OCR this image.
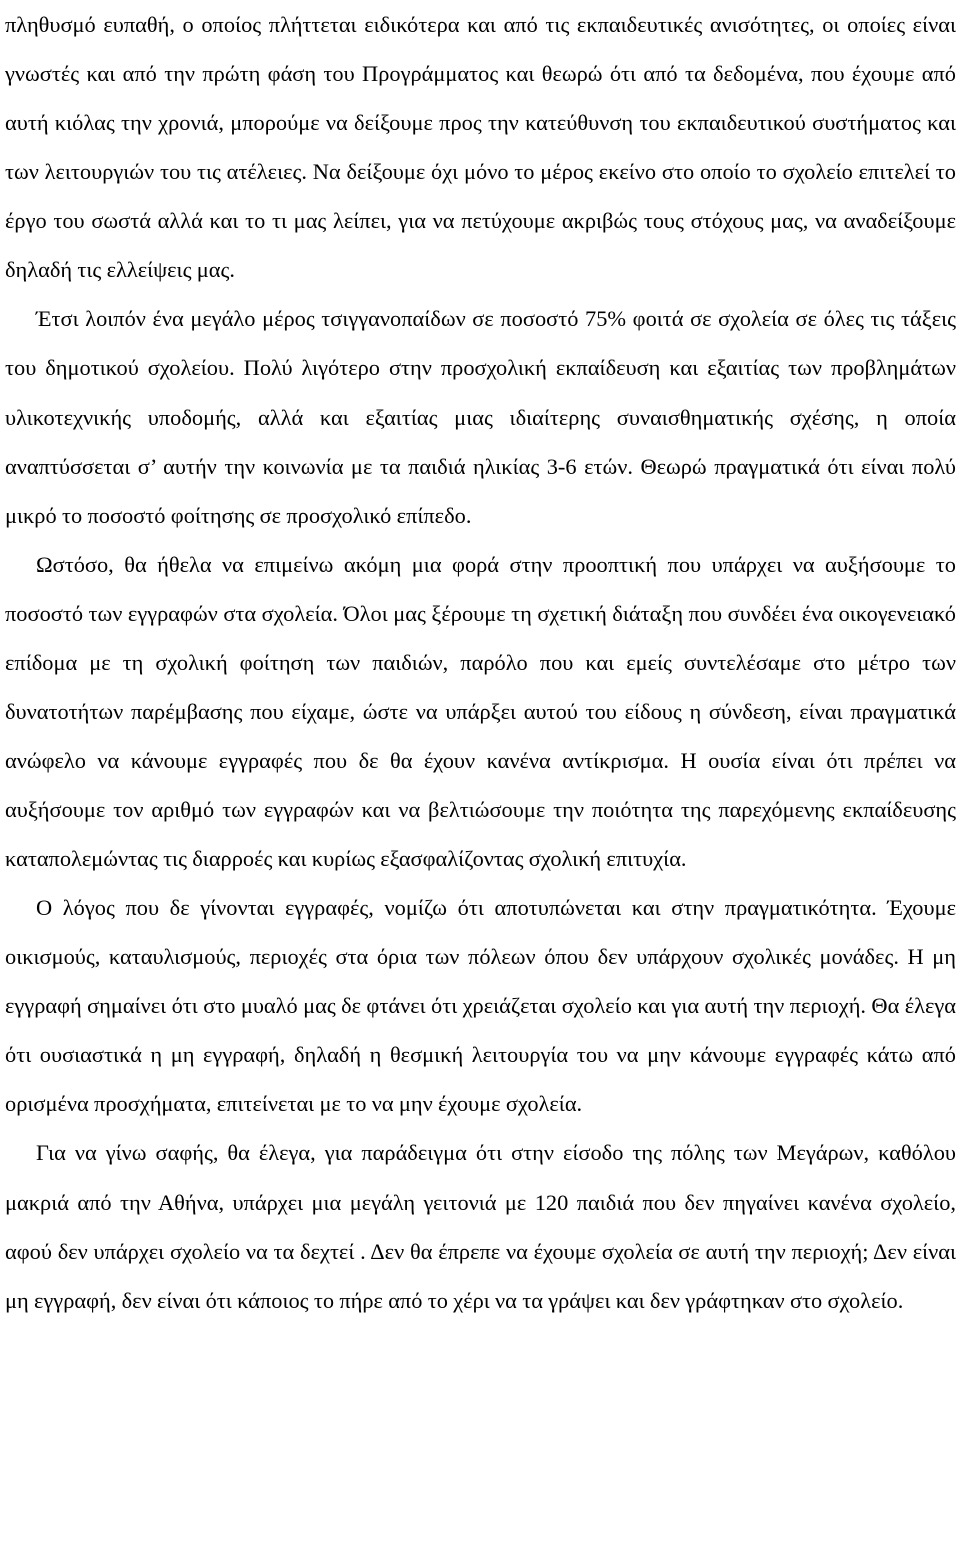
πληθυσμό ευπαθή, ο οποίος πλήττεται ειδικότερα και από τις εκπαιδευτικές ανισότητες, οι οποίες είναι γνωστές και από την πρώτη φάση του Προγράμματος και θεωρώ ότι από τα δεδομένα, που έχουμε από αυτή κιόλας την χρονιά, μπορούμε να δείξουμε προς την κατεύθυνση του εκπαιδευτικού συστήματος και των λειτουργιών του τις ατέλειες. Να δείξουμε όχι μόνο το μέρος εκείνο στο οποίο το σχολείο επιτελεί το έργο του σωστά αλλά και το τι μας λείπει, για να πετύχουμε ακριβώς τους στόχους μας, να αναδείξουμε δηλαδή τις ελλείψεις μας.

Έτσι λοιπόν ένα μεγάλο μέρος τσιγγανοπαίδων σε ποσοστό 75% φοιτά σε σχολεία σε όλες τις τάξεις του δημοτικού σχολείου. Πολύ λιγότερο στην προσχολική εκπαίδευση και εξαιτίας των προβλημάτων υλικοτεχνικής υποδομής, αλλά και εξαιτίας μιας ιδιαίτερης συναισθηματικής σχέσης, η οποία αναπτύσσεται σ’ αυτήν την κοινωνία με τα παιδιά ηλικίας 3-6 ετών. Θεωρώ πραγματικά ότι είναι πολύ μικρό το ποσοστό φοίτησης σε προσχολικό επίπεδο.

Ωστόσο, θα ήθελα να επιμείνω ακόμη μια φορά στην προοπτική που υπάρχει να αυξήσουμε το ποσοστό των εγγραφών στα σχολεία. Όλοι μας ξέρουμε τη σχετική διάταξη που συνδέει ένα οικογενειακό επίδομα με τη σχολική φοίτηση των παιδιών, παρόλο που και εμείς συντελέσαμε στο μέτρο των δυνατοτήτων παρέμβασης που είχαμε, ώστε να υπάρξει αυτού του είδους η σύνδεση, είναι πραγματικά ανώφελο να κάνουμε εγγραφές που δε θα έχουν κανένα αντίκρισμα. Η ουσία είναι ότι πρέπει να αυξήσουμε τον αριθμό των εγγραφών και να βελτιώσουμε την ποιότητα της παρεχόμενης εκπαίδευσης καταπολεμώντας τις διαρροές και κυρίως εξασφαλίζοντας σχολική επιτυχία.

Ο λόγος που δε γίνονται εγγραφές, νομίζω ότι αποτυπώνεται και στην πραγματικότητα. Έχουμε οικισμούς, καταυλισμούς, περιοχές στα όρια των πόλεων όπου δεν υπάρχουν σχολικές μονάδες. Η μη εγγραφή σημαίνει ότι στο μυαλό μας δε φτάνει ότι χρειάζεται σχολείο και για αυτή την περιοχή. Θα έλεγα ότι ουσιαστικά η μη εγγραφή, δηλαδή η θεσμική λειτουργία του να μην κάνουμε εγγραφές κάτω από ορισμένα προσχήματα, επιτείνεται με το να μην έχουμε σχολεία.

Για να γίνω σαφής, θα έλεγα, για παράδειγμα ότι στην είσοδο της πόλης των Μεγάρων, καθόλου μακριά από την Αθήνα, υπάρχει μια μεγάλη γειτονιά με 120 παιδιά που δεν πηγαίνει κανένα σχολείο, αφού δεν υπάρχει σχολείο να τα δεχτεί . Δεν θα έπρεπε να έχουμε σχολεία σε αυτή την περιοχή; Δεν είναι μη εγγραφή, δεν είναι ότι κάποιος το πήρε από το χέρι να τα γράψει και δεν γράφτηκαν στο σχολείο.
